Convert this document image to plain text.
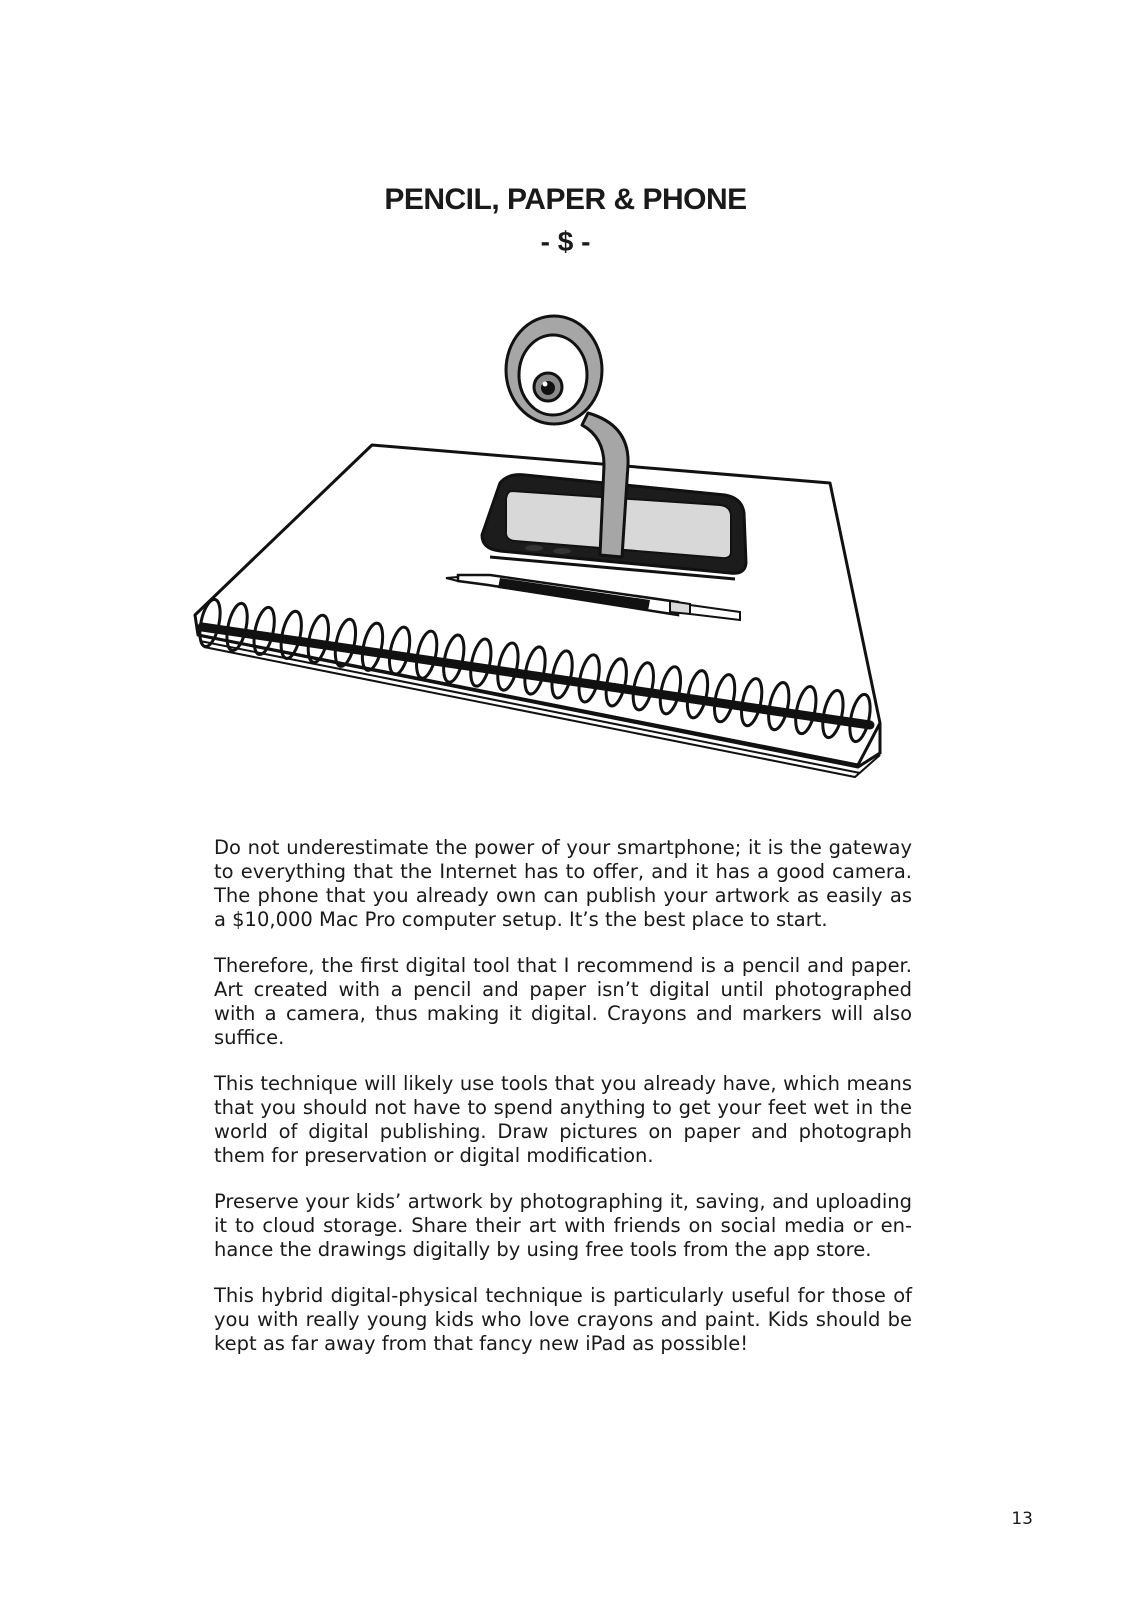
PENCIL, PAPER & PHONE
- $ -

Do not underestimate the power of your smartphone; it is the gateway to everything that the Internet has to offer, and it has a good camera. The phone that you already own can publish your artwork as easily as a $10,000 Mac Pro computer setup. It’s the best place to start.

Therefore, the first digital tool that I recommend is a pencil and paper. Art created with a pencil and paper isn’t digital until photographed with a camera, thus making it digital. Crayons and markers will also suffice.

This technique will likely use tools that you already have, which means that you should not have to spend anything to get your feet wet in the world of digital publishing. Draw pictures on paper and photograph them for preservation or digital modification.

Preserve your kids’ artwork by photographing it, saving, and uploading it to cloud storage. Share their art with friends on social media or en-hance the drawings digitally by using free tools from the app store.

This hybrid digital-physical technique is particularly useful for those of you with really young kids who love crayons and paint. Kids should be kept as far away from that fancy new iPad as possible!

13
